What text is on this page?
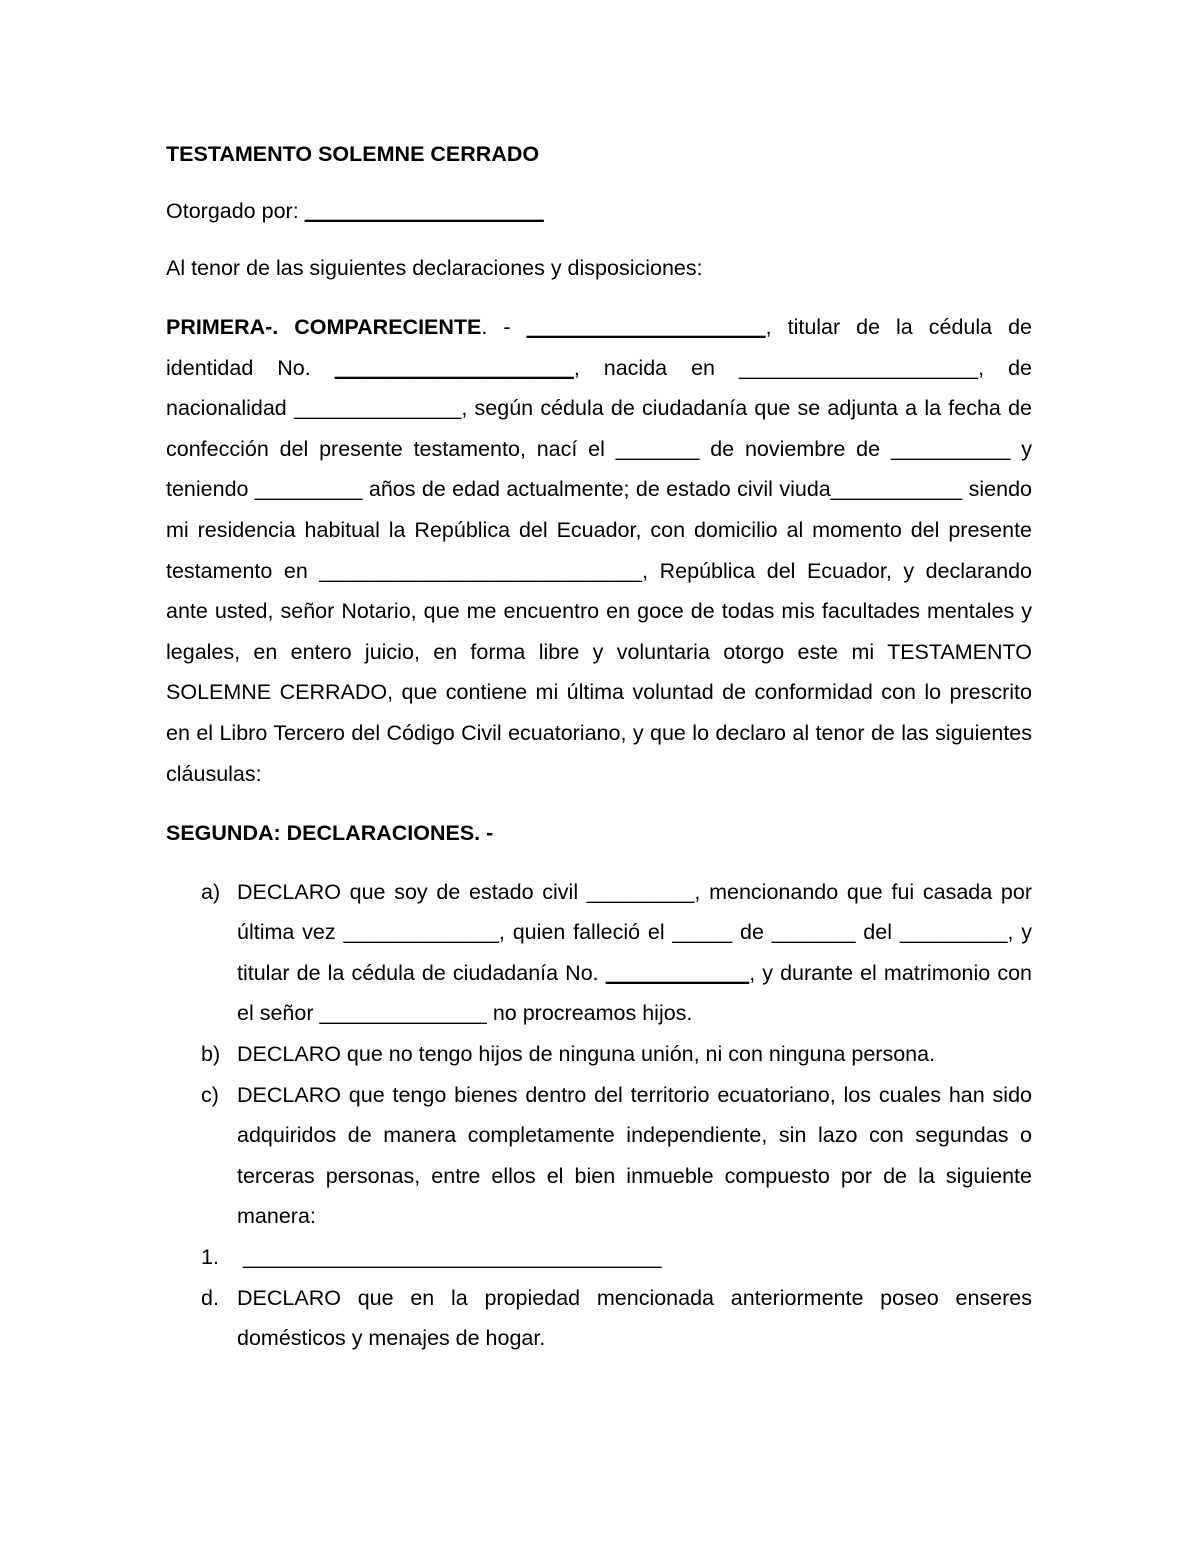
TESTAMENTO SOLEMNE CERRADO

Otorgado por: ____________________

Al tenor de las siguientes declaraciones y disposiciones:

PRIMERA-. COMPARECIENTE. - ____________________, titular de la cédula de identidad No. ____________________, nacida en ____________________, de nacionalidad ______________, según cédula de ciudadanía que se adjunta a la fecha de confección del presente testamento, nací el _______ de noviembre de __________ y teniendo _________ años de edad actualmente; de estado civil viuda___________ siendo mi residencia habitual la República del Ecuador, con domicilio al momento del presente testamento en ___________________________, República del Ecuador, y declarando ante usted, señor Notario, que me encuentro en goce de todas mis facultades mentales y legales, en entero juicio, en forma libre y voluntaria otorgo este mi TESTAMENTO SOLEMNE CERRADO, que contiene mi última voluntad de conformidad con lo prescrito en el Libro Tercero del Código Civil ecuatoriano, y que lo declaro al tenor de las siguientes cláusulas:

SEGUNDA: DECLARACIONES. -

a) DECLARO que soy de estado civil _________, mencionando que fui casada por última vez _____________, quien falleció el _____ de _______ del _________, y titular de la cédula de ciudadanía No. ____________, y durante el matrimonio con el señor ______________ no procreamos hijos.
b) DECLARO que no tengo hijos de ninguna unión, ni con ninguna persona.
c) DECLARO que tengo bienes dentro del territorio ecuatoriano, los cuales han sido adquiridos de manera completamente independiente, sin lazo con segundas o terceras personas, entre ellos el bien inmueble compuesto por de la siguiente manera:
1.	___________________________________
d. DECLARO que en la propiedad mencionada anteriormente poseo enseres domésticos y menajes de hogar.
